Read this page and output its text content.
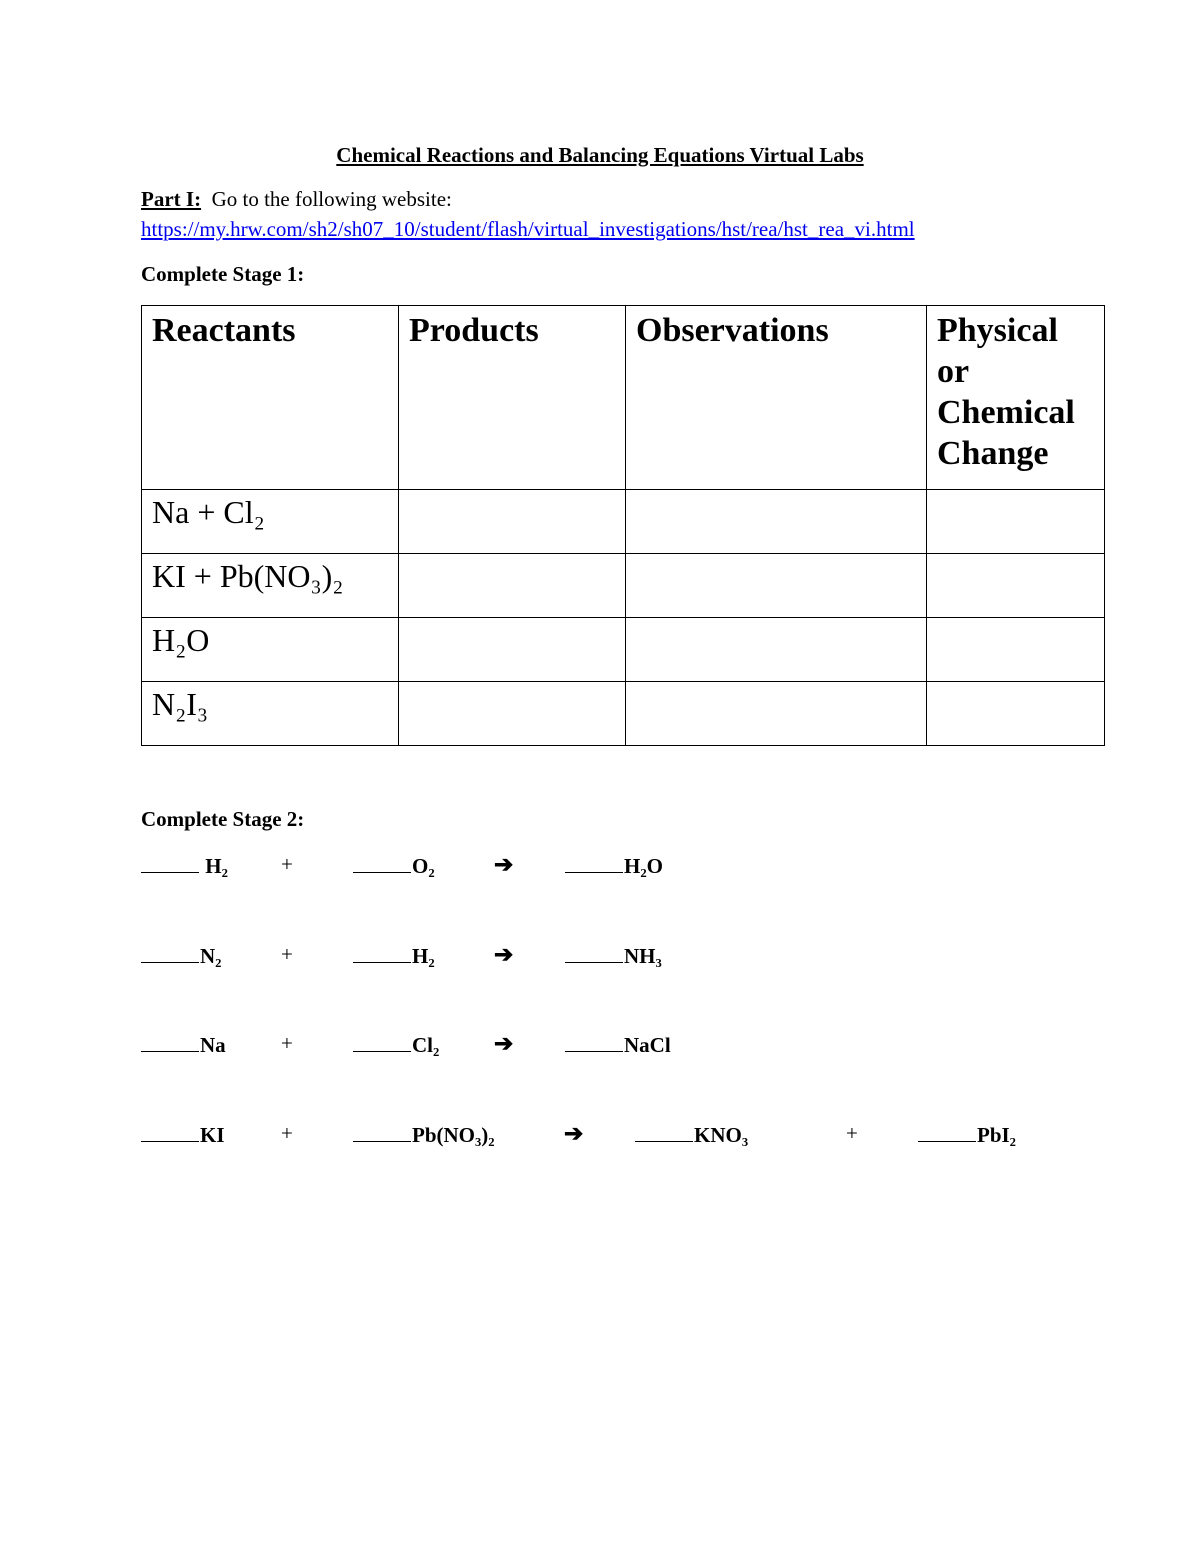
Chemical Reactions and Balancing Equations Virtual Labs
Part I: Go to the following website:
https://my.hrw.com/sh2/sh07_10/student/flash/virtual_investigations/hst/rea/hst_rea_vi.html
Complete Stage 1:
Reactants	Products	Observations	Physical or Chemical Change
Na + Cl₂			
KI + Pb(NO₃)₂			
H₂O			
N₂I₃			
Complete Stage 2:
H₂	+	O₂	➔	H₂O
N₂	+	H₂	➔	NH₃
Na	+	Cl₂ ➔	NaCl
KI	+	Pb(NO₃)₂	➔	KNO₃	+	PbI₂
